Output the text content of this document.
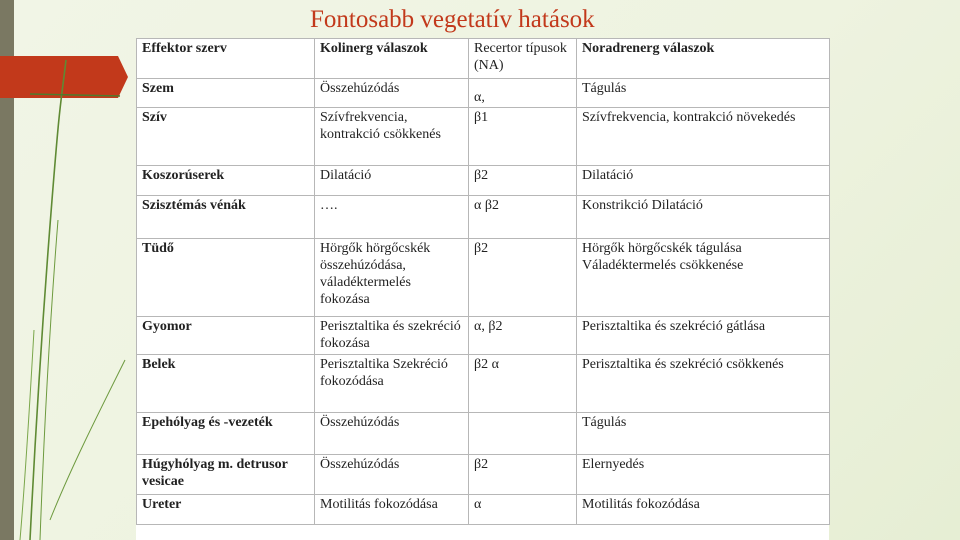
Fontosabb vegetatív hatások
Effektor szerv	Kolinerg válaszok	Recertor típusok (NA)	Noradrenerg válaszok
Szem	Összehúzódás	α,	Tágulás
Szív	Szívfrekvencia, kontrakció csökkenés	β1	Szívfrekvencia, kontrakció növekedés
Koszorúserek	Dilatáció	β2	Dilatáció
Szisztémás vénák	….	α β2	Konstrikció Dilatáció
Tüdő	Hörgők hörgőcskék összehúzódása, váladéktermelés fokozása	β2	Hörgők hörgőcskék tágulása Váladéktermelés csökkenése
Gyomor	Perisztaltika és szekréció fokozása	α, β2	Perisztaltika és szekréció gátlása
Belek	Perisztaltika Szekréció fokozódása	β2 α	Perisztaltika és szekréció csökkenés
Epehólyag és -vezeték	Összehúzódás		Tágulás
Húgyhólyag m. detrusor vesicae	Összehúzódás	β2	Elernyedés
Ureter	Motilitás fokozódása	α	Motilitás fokozódása
